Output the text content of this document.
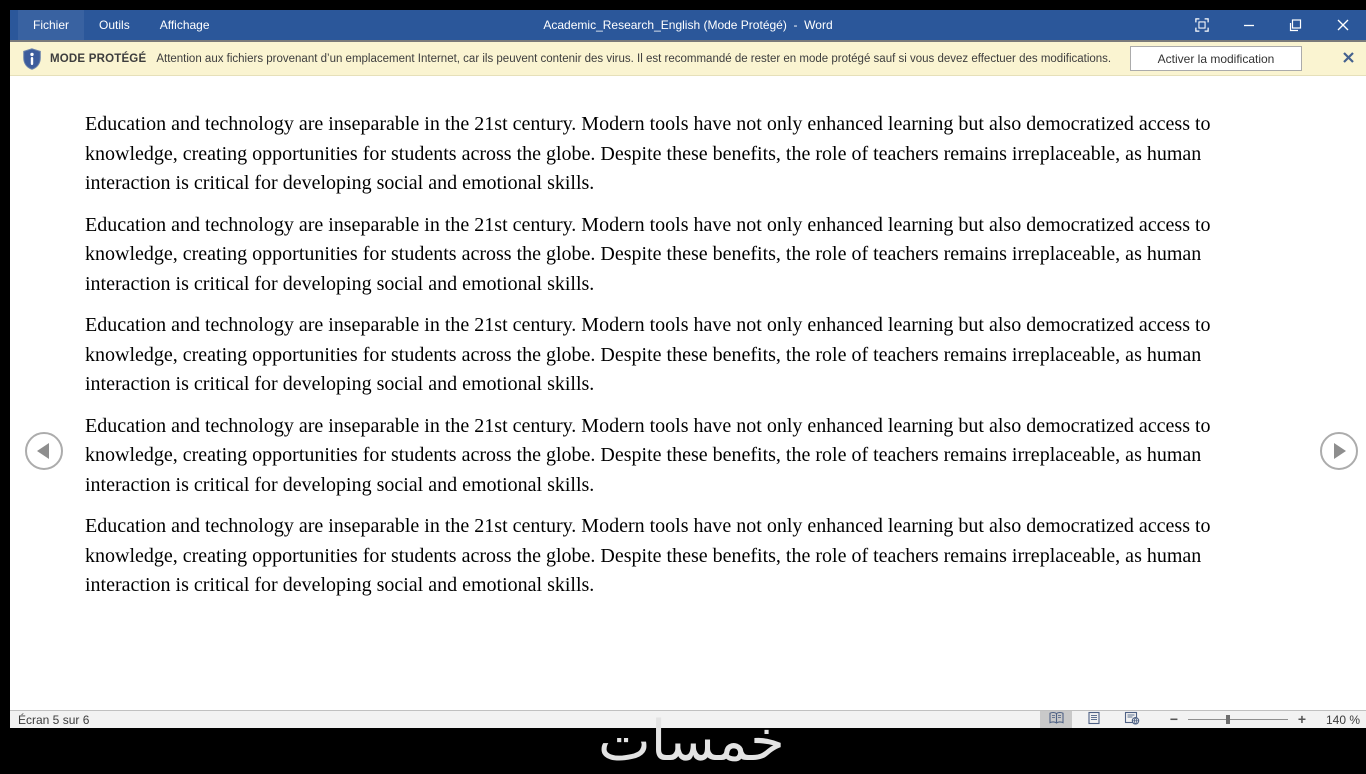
Academic_Research_English (Mode Protégé)  -  Word
Fichier	Outils	Affichage
MODE PROTÉGÉ Attention aux fichiers provenant d’un emplacement Internet, car ils peuvent contenir des virus. Il est recommandé de rester en mode protégé sauf si vous devez effectuer des modifications.	Activer la modification

Education and technology are inseparable in the 21st century. Modern tools have not only enhanced learning but also democratized access to knowledge, creating opportunities for students across the globe. Despite these benefits, the role of teachers remains irreplaceable, as human interaction is critical for developing social and emotional skills.

Education and technology are inseparable in the 21st century. Modern tools have not only enhanced learning but also democratized access to knowledge, creating opportunities for students across the globe. Despite these benefits, the role of teachers remains irreplaceable, as human interaction is critical for developing social and emotional skills.

Education and technology are inseparable in the 21st century. Modern tools have not only enhanced learning but also democratized access to knowledge, creating opportunities for students across the globe. Despite these benefits, the role of teachers remains irreplaceable, as human interaction is critical for developing social and emotional skills.

Education and technology are inseparable in the 21st century. Modern tools have not only enhanced learning but also democratized access to knowledge, creating opportunities for students across the globe. Despite these benefits, the role of teachers remains irreplaceable, as human interaction is critical for developing social and emotional skills.

Education and technology are inseparable in the 21st century. Modern tools have not only enhanced learning but also democratized access to knowledge, creating opportunities for students across the globe. Despite these benefits, the role of teachers remains irreplaceable, as human interaction is critical for developing social and emotional skills.

خمسات
Écran 5 sur 6	−	+	140 %
